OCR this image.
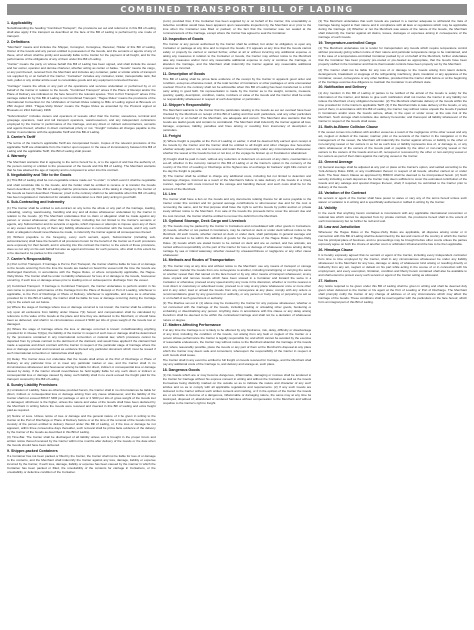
COMBINED TRANSPORT BILL OF LADING
1. Applicability

Notwithstanding the heading "Combined Transport", the provisions set out and referred to in this Bill of Lading shall also apply if the transport as described on the face of the Bill of Lading is performed by one mode of transport.

2. Definitions

"Merchant" means and includes the Shipper, Consignor, Consignee, Receiver, Holder of this Bill of Lading, Owner of the Goods and any person entitled to possession of the Goods, and the servants or agents of any of these, all of whom shall be jointly and severally liable to the Carrier for the payment of all freight, and for the performance of the obligations of any of them under this Bill of Lading.

"Carrier" means the party on whose behalf this Bill of Lading has been signed, and shall include the vessel and her owner, operator and demise charterer, whether acting as carrier or bailee. "Goods" means the cargo, or any part thereof, received from the Merchant and includes any container, pallet or similar article of transport not supplied by or on behalf of the Carrier. "Container" includes any container, trailer, transportable tank, flat rack, pallet or any similar article used to consolidate goods and any equipment connected thereto.

"Carriage" means the whole or any part of the operations and services undertaken or performed by or on behalf of the Carrier in relation to the Goods. "Combined Transport" arises if the Place of Receipt and/or the Place of Delivery are indicated on the face hereof in the relevant spaces. "Port to Port Transport" arises if the carriage called for by this Bill of Lading is not Combined Transport. "Hague Rules" means the provisions of the International Convention for the Unification of Certain Rules relating to Bills of Lading signed at Brussels on 25th August 1924. "Hague-Visby Rules" means the Hague Rules as amended by the Protocol signed at Brussels on 23rd February 1968.

"Subcontractor" includes owners and operators of vessels other than the Carrier, stevedores, terminal and groupage operators, road and rail transport operators, warehousemen, and any independent contractors employed by the Carrier in performance of the Carriage, and any direct or indirect subcontractors, servants and agents thereof, whether in direct contractual privity or not. "Freight" includes all charges payable to the Carrier in accordance with the applicable Tariff and this Bill of Lading.

3. Carrier's Tariff

The terms of the Carrier's applicable Tariff are incorporated herein. Copies of the relevant provisions of the applicable Tariff are obtainable from the Carrier upon request. In the case of inconsistency between this Bill of Lading and the applicable Tariff, this Bill of Lading shall prevail.

4. Warranty

The Merchant warrants that in agreeing to the terms hereof he is, or is the agent of and has the authority of, the person owning or entitled to the possession of the Goods and this Bill of Lading. The Merchant warrants that he has attained the age of majority and is competent to enter into this contract.

5. Negotiability and Title to the Goods

(1) This Bill of Lading shall be non-negotiable unless made out "to order", in which event it shall be negotiable and shall constitute title to the Goods, and the holder shall be entitled to receive or to transfer the Goods herein described. (2) This Bill of Lading shall be prima facie evidence of the taking in charge by the Carrier of the Goods as herein described. However, proof to the contrary shall not be admissible when this Bill of Lading has been negotiated or transferred for valuable consideration to a third party acting in good faith.

6. Sub-Contracting and Indemnity

(1) The Carrier shall be entitled to sub-contract on any terms the whole or any part of the Carriage, loading, unloading, storing, warehousing, handling and any and all duties whatsoever undertaken by the Carrier in relation to the Goods. (2) The Merchant undertakes that no claim or allegation shall be made against any person or vessel whatsoever, other than the Carrier, including but not limited to the Carrier's servants or agents, any Subcontractor and its servants or agents, which imposes or attempts to impose upon any of them or any vessel owned by any of them any liability whatsoever in connection with the Goods, and if any such claim or allegation should nevertheless be made, to indemnify the Carrier against all consequences thereof.

(3) Without prejudice to the foregoing, every such servant, agent, Subcontractor (including sub-subcontractors) shall have the benefit of all provisions herein for the benefit of the Carrier as if such provisions were expressly for their benefit, and in entering into this contract the Carrier, to the extent of these provisions, does so not only on his own behalf but also as agent and trustee for such persons, who shall to this extent be or be deemed to be parties to this contract.

7. Carrier's Responsibility

(1) Port to Port Transport. If Carriage is Port to Port Transport, the Carrier shall be liable for loss of or damage to the Goods occurring from the time the Goods are loaded on board the vessel until the time the Goods are discharged therefrom, in accordance with the Hague Rules, or where compulsorily applicable, the Hague-Visby Rules. The Carrier shall be under no liability whatsoever for loss of or damage to the Goods, howsoever occurring, if such loss or damage arises prior to loading onto or subsequent to discharge from the vessel.

(2) Combined Transport. If Carriage is Combined Transport, the Carrier undertakes to perform and/or in his own name to procure performance of the Carriage from the Place of Receipt or Port of Loading, whichever is applicable, to the Port of Discharge or Place of Delivery, whichever is applicable, and save as is otherwise provided for in this Bill of Lading, the Carrier shall be liable for loss or damage occurring during the Carriage only to the extent set out below.

(a) Where the stage of Carriage where loss or damage occurred is not known: the Carrier shall be entitled to rely upon all exclusions from liability under Clause 7(1) hereof, and compensation shall be calculated by reference to the value of the Goods at the place and time they are delivered to the Merchant, or should have been so delivered, and shall in no circumstances exceed 2 SDR per kilo of gross weight of the Goods lost or damaged.

(b) Where the stage of Carriage where the loss or damage occurred is known: notwithstanding anything provided for in Clause 7(2)(a), the liability of the Carrier in respect of such loss or damage shall be determined by the provisions contained in any international convention or national law, which provisions cannot be departed from by private contract to the detriment of the claimant, and would have applied if the claimant had made a separate and direct contract with the Carrier in respect of the particular stage of Carriage where the loss or damage occurred and received as evidence thereof any particular document which must be issued if such international convention or national law shall apply.

(3) Delay. The Carrier does not undertake that the Goods shall arrive at the Port of Discharge or Place of Delivery at any particular time or to meet any particular market or use, and the Carrier shall in no circumstances whatsoever and howsoever arising be liable for direct, indirect or consequential loss or damage caused by delay. If the Carrier should nevertheless be held legally liable for any such direct or indirect or consequential loss or damage caused by delay, such liability shall in no event exceed the freight paid for the transport covered by this Bill of Lading.

8. Sundry Liability Provisions

(1) Limitation of Liability. Save as otherwise provided herein, the Carrier shall in no circumstances be liable for direct, indirect or consequential loss or damage arising from any cause whatsoever, and the liability of the Carrier shall not exceed 666.67 SDR per package or unit or 2 SDR per kilo of gross weight of the Goods lost or damaged, whichever is the higher, unless the nature and value of the Goods shall have been declared by the Merchant in writing before the Goods were received and inserted in this Bill of Lading and extra freight paid as required.

(2) Notice of Loss. Unless notice of loss or damage and the general nature of it be given in writing to the Carrier at the Port of Discharge or Place of Delivery before or at the time of the removal of the Goods into the custody of the person entitled to delivery thereof under this Bill of Lading, or, if the loss or damage be not apparent, within three consecutive days thereafter, such removal shall be prima facie evidence of the delivery by the Carrier of the Goods as described in this Bill of Lading.

(3) Time-Bar. The Carrier shall be discharged of all liability unless suit is brought in the proper forum and written notice thereof received by the Carrier within nine months after delivery of the Goods or the date when the Goods should have been delivered.

9. Shipper-packed Containers

If a Container has not been packed or filled by the Carrier, the Carrier shall not be liable for loss of or damage to the contents, and the Merchant shall indemnify the Carrier against any loss, damage, liability or expense incurred by the Carrier, if such loss, damage, liability or expense has been caused by the manner in which the Container has been packed or filled, the unsuitability of the contents for carriage in Containers, or the unsuitability or defective condition of the Container.

(cont.) provided that, if the Container has been supplied by or on behalf of the Carrier, this unsuitability or defective condition would have been apparent upon reasonable inspection by the Merchant at or prior to the time when the Container was filled or packed; or the fact that the Container was not sealed at the commencement of the Carriage, except where the Carrier has agreed to seal the Container.

10. Inspection of Goods

The Carrier or any person authorised by the Carrier shall be entitled, but under no obligation, to open any Container or package at any time and to inspect the Goods. If it appears at any time that the Goods cannot safely or properly be carried or carried further, either at all or without incurring any additional expense or taking any measures in relation to the Container or Goods, the Carrier may without notice to the Merchant take any measures and/or incur any reasonable additional expense to carry or continue the Carriage, or abandon the Carriage, and the Merchant shall indemnify the Carrier against any reasonable additional expense so incurred.

11. Description of Goods

This Bill of Lading shall be prima facie evidence of the receipt by the Carrier in apparent good order and condition, except as otherwise noted, of the total number of Containers or other packages or units enumerated overleaf. Proof to the contrary shall not be admissible when this Bill of Lading has been transferred to a third party acting in good faith. No representation is made by the Carrier as to the weight, contents, measure, quantity, quality, description, condition, marks, numbers or value of the Goods and the Carrier shall be under no responsibility whatsoever in respect of such description or particulars.

12. Shipper's Responsibility

The Merchant warrants to the Carrier that the particulars relating to the Goods as set out overleaf have been checked by the Merchant on receipt of this Bill of Lading and that such particulars, and any other particulars furnished by or on behalf of the Merchant, are adequate and correct. The Merchant also warrants that the Goods are lawful goods and contain no contraband. The Merchant shall indemnify the Carrier against all loss, damage, expenses, liability, penalties and fines arising or resulting from inaccuracy of description or particulars.

13. Freight

(1) Where freight is payable at the Port of Loading or earlier, it shall be deemed fully earned upon receipt of the Goods by the Carrier and the Carrier shall be entitled to all freight and other charges due hereunder, whether actually paid or not, and to receive and retain them irrevocably under any circumstances whatsoever, whether the vessel or the Goods be lost or not lost, or the voyage be broken up or frustrated or abandoned.

(2) Freight shall be paid in cash, without any reduction or deferment on account of any claim, counterclaim or set-off, whether in the currency named in this Bill of Lading or at the Carrier's option in the currency of the country of the Port of Loading or Discharge at the highest rate of exchange for bankers' sight bills current on the day the freight is payable.

(3) The Carrier shall be entitled to charge any additional costs, including but not limited to detention and demurrage charges, incurred as a result of the Merchant's failure to take delivery of the Goods in a timely manner, together with costs incurred for the storage and handling thereof, and such costs shall be for the account of the Merchant.

14. Lien

The Carrier shall have a lien on the Goods and any documents relating thereto for all sums payable to the Carrier under this contract and for general average contributions to whomsoever due and for the cost of recovering the same, and for that purpose shall have the right to sell the Goods by public auction or private treaty without notice to the Merchant. If on sale of the Goods the proceeds fail to cover the amount due and the cost incurred, the Carrier shall be entitled to recover the deficit from the Merchant.

15. Optional Stowage, Deck Cargo and Livestock

(1) The Goods may be packed by the Carrier in Containers and consolidated with other goods in Containers. (2) Goods, whether or not packed in Containers, may be carried on deck or under deck without notice to the Merchant. All such Goods, whether carried on deck or under deck, shall participate in general average and shall be deemed to be within the definition of goods for the purposes of the Hague Rules or Hague-Visby Rules. (3) Goods which are stated herein to be carried on deck and are so carried, and live animals, are carried without responsibility on the part of the Carrier for loss or damage of whatsoever nature arising during carriage by sea or inland waterway, whether caused by unseaworthiness or negligence or any other cause whatsoever.

16. Methods and Routes of Transportation

(1) The Carrier may at any time and without notice to the Merchant: use any means of transport or storage whatsoever; transfer the Goods from one conveyance to another, including transhipping or carrying the same on another vessel than that named on the face hereof or by any other means of transport whatsoever; at any place unpack and remove Goods which have been stowed in a Container and forward the same in a Container or otherwise; proceed at any speed and by any route in his discretion, whether or not the nearest or most direct or customary or advertised route; proceed to or stay at any place whatsoever once or more often and in any order; load or unload the Goods from any conveyance at any place; comply with any orders or recommendations given by any government or authority, or any person or body acting or purporting to act as or on behalf of such government or authority.

(2) The liberties set out in (1) above may be invoked by the Carrier for any purpose whatsoever, whether or not connected with the Carriage of the Goods, including loading or unloading other goods, bunkering or embarking or disembarking any person. Anything done in accordance with this clause or any delay arising therefrom shall be deemed to be within the contractual Carriage and shall not be a deviation of whatsoever nature or degree.

17. Matters Affecting Performance

If at any time the Carriage is or is likely to be affected by any hindrance, risk, delay, difficulty or disadvantage of any kind, including the condition of the Goods, not arising from any fault or neglect of the Carrier or a person whose performance the Carrier is legally responsible for, and which cannot be avoided by the exercise of reasonable endeavours, the Carrier may without notice to the Merchant abandon the Carriage of the Goods and, where reasonably possible, place the Goods or any part of them at the Merchant's disposal at any place which the Carrier may deem safe and convenient, whereupon the responsibility of the Carrier in respect of such Goods shall cease.

The Carrier shall in any event be entitled to full freight on Goods received for Carriage, and the Merchant shall pay any additional costs of the Carriage to, and delivery and storage at, such place.

18. Dangerous Goods

(1) No Goods which are or may become dangerous, inflammable, damaging or noxious shall be tendered to the Carrier for Carriage without his express consent in writing and without the Container as well as the Goods themselves being distinctly marked on the outside so as to indicate the nature and character of any such articles and so as to comply with all applicable regulations and requirements. (2) If any such Goods are delivered to the Carrier without such written consent and marking, or if in the opinion of the Carrier the Goods are or are liable to become of a dangerous, inflammable or damaging nature, the same may at any time be destroyed, disposed of, abandoned or rendered harmless without compensation to the Merchant and without prejudice to the Carrier's right to freight.

(3) The Merchant undertakes that such Goods are packed in a manner adequate to withstand the risks of Carriage having regard to their nature and in compliance with all laws or regulations which may be applicable during the Carriage. (4) Whether or not the Merchant was aware of the nature of the Goods, the Merchant shall indemnify the Carrier against all claims, losses, damages or expenses arising in consequence of the Carriage of such Goods.

19. Temperature-controlled Cargo

(1) The Merchant undertakes not to tender for transportation any Goods which require temperature control without previously giving written notice of their nature and particular temperature range to be maintained, and in the case of a temperature-controlled Container packed by or on behalf of the Merchant, further undertakes that the Container has been properly pre-cooled or pre-heated as appropriate, that the Goods have been properly stuffed in the Container and that its thermostatic controls have been properly set by the Merchant.

(2) The Carrier shall not be liable for any loss of or damage to the Goods arising from latent defects, derangement, breakdown or stoppage of the refrigerating machinery, plant, insulation or any apparatus of the Container, vessel, conveyance or any other facilities, provided that the Carrier shall before or at the beginning of the Carriage exercise due diligence to maintain the Container in an efficient state.

20. Notification and Delivery

(1) Any mention in this Bill of Lading of parties to be notified of the arrival of the Goods is solely for the information of the Carrier, and failure to give such notification shall not involve the Carrier in any liability nor relieve the Merchant of any obligation hereunder. (2) The Merchant shall take delivery of the Goods within the time provided for in the Carrier's applicable Tariff. (3) If the Merchant fails to take delivery of the Goods, or any part of them, in accordance with this Bill of Lading, the Carrier may without notice unpack the Goods if packed in Containers and/or store the Goods ashore, afloat, in the open or under cover, at the sole risk of the Merchant. Such storage shall constitute due delivery hereunder, and thereupon all liability whatsoever of the Carrier in respect of the Goods shall cease.

21. Both-to-Blame Collision Clause

If the vessel comes into collision with another vessel as a result of the negligence of the other vessel and any act, neglect or default of the master, mariner, pilot or the servants of the Carrier in the navigation or in the management of the vessel, the Merchant will indemnify the Carrier against all loss or liability to the other or non-carrying vessel or her owners in so far as such loss or liability represents loss of, or damage to, or any claim whatsoever of the owners of the Goods paid or payable by the other or non-carrying vessel or her owners to the owners of the Goods and set off, recouped or recovered by the other or non-carrying vessel or her owners as part of their claim against the carrying vessel or the Carrier.

22. General Average

(1) General average shall be adjusted at any port or place at the Carrier's option, and settled according to the York-Antwerp Rules 1994, or any modification thereof, in respect of all Goods, whether carried on or under deck. The New Jason Clause as approved by BIMCO shall be deemed to be incorporated herein. (2) Such security including a cash deposit as the Carrier may deem sufficient to cover the estimated contribution of the Goods and any salvage and special charges thereon, shall, if required, be submitted to the Carrier prior to delivery of the Goods.

23. Variation of the Contract

No servant or agent of the Carrier shall have power to waive or vary any of the terms hereof unless such waiver or variation is in writing and is specifically authorised or ratified in writing by the Carrier.

24. Validity

In the event that anything herein contained is inconsistent with any applicable international convention or national law which cannot be departed from by private contract, the provisions hereof shall to the extent of such inconsistency but no further be null and void.

25. Law and Jurisdiction

Whenever the Hague Rules or the Hague-Visby Rules are applicable, all disputes arising under or in connection with this Bill of Lading shall be determined by the law and courts of the country in which the Carrier has his principal place of business, and no proceedings may be brought before other courts unless the parties expressly agree on both the choice of another court or arbitration tribunal and the law to be then applicable.

26. Himalaya Clause

It is hereby expressly agreed that no servant or agent of the Carrier, including every independent contractor from time to time employed by the Carrier, shall in any circumstances whatsoever be under any liability whatsoever to the Merchant for any loss, damage or delay of whatsoever kind arising or resulting directly or indirectly from any act, neglect or default on his part while acting in the course of or in connection with his employment, and every exemption, limitation, condition and liberty herein contained shall also be available to and shall extend to protect every such servant or agent of the Carrier acting as aforesaid.

27. Notices

Any notice required to be given under this Bill of Lading shall be given in writing and shall be deemed duly given when delivered to the Carrier or his agent at the Port of Loading or Port of Discharge. The Merchant shall promptly notify the Carrier of any change of address or of any circumstance which may affect the Carriage of the Goods. These conditions shall be read together with the particulars on the face hereof, which form an integral part of this Bill of Lading.
